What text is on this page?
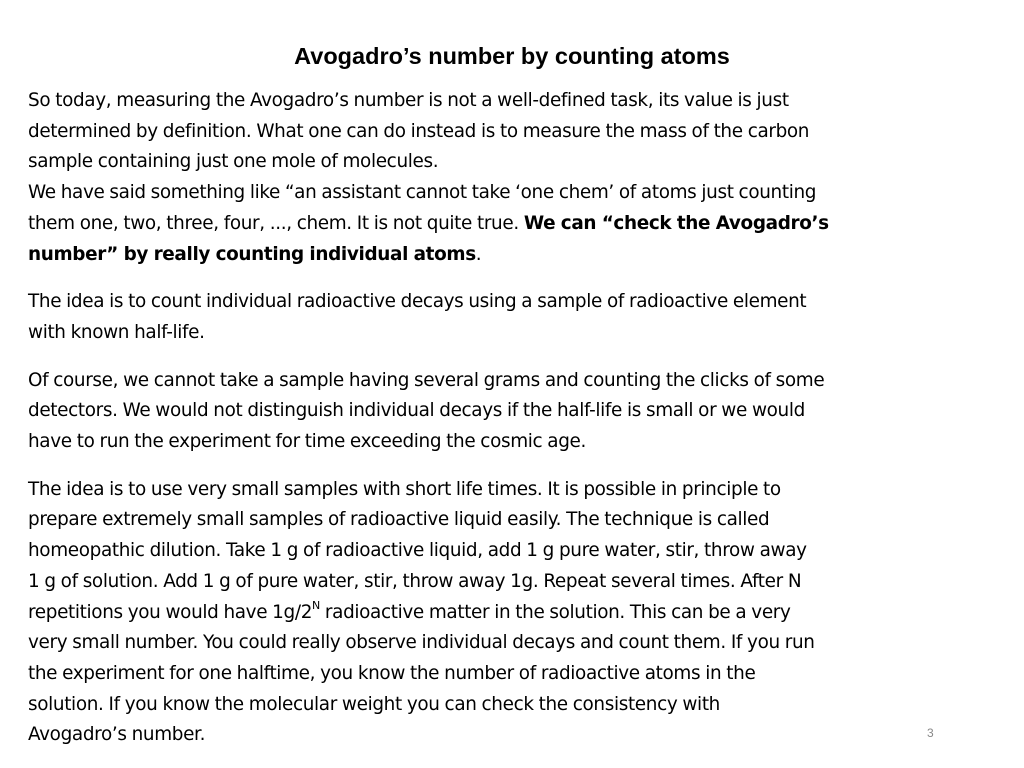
Avogadro’s number by counting atoms

So today, measuring the Avogadro’s number is not a well-defined task, its value is just
determined by definition. What one can do instead is to measure the mass of the carbon
sample containing just one mole of molecules.
We have said something like “an assistant cannot take ‘one chem’ of atoms just counting
them one, two, three, four, ..., chem. It is not quite true. We can “check the Avogadro’s
number” by really counting individual atoms.

The idea is to count individual radioactive decays using a sample of radioactive element
with known half-life.

Of course, we cannot take a sample having several grams and counting the clicks of some
detectors. We would not distinguish individual decays if the half-life is small or we would
have to run the experiment for time exceeding the cosmic age.

The idea is to use very small samples with short life times. It is possible in principle to
prepare extremely small samples of radioactive liquid easily. The technique is called
homeopathic dilution. Take 1 g of radioactive liquid, add 1 g pure water, stir, throw away
1 g of solution. Add 1 g of pure water, stir, throw away 1g. Repeat several times. After N
repetitions you would have $1g/2^N$ radioactive matter in the solution. This can be a very
very small number. You could really observe individual decays and count them. If you run
the experiment for one halftime, you know the number of radioactive atoms in the
solution. If you know the molecular weight you can check the consistency with
Avogadro’s number.	3
